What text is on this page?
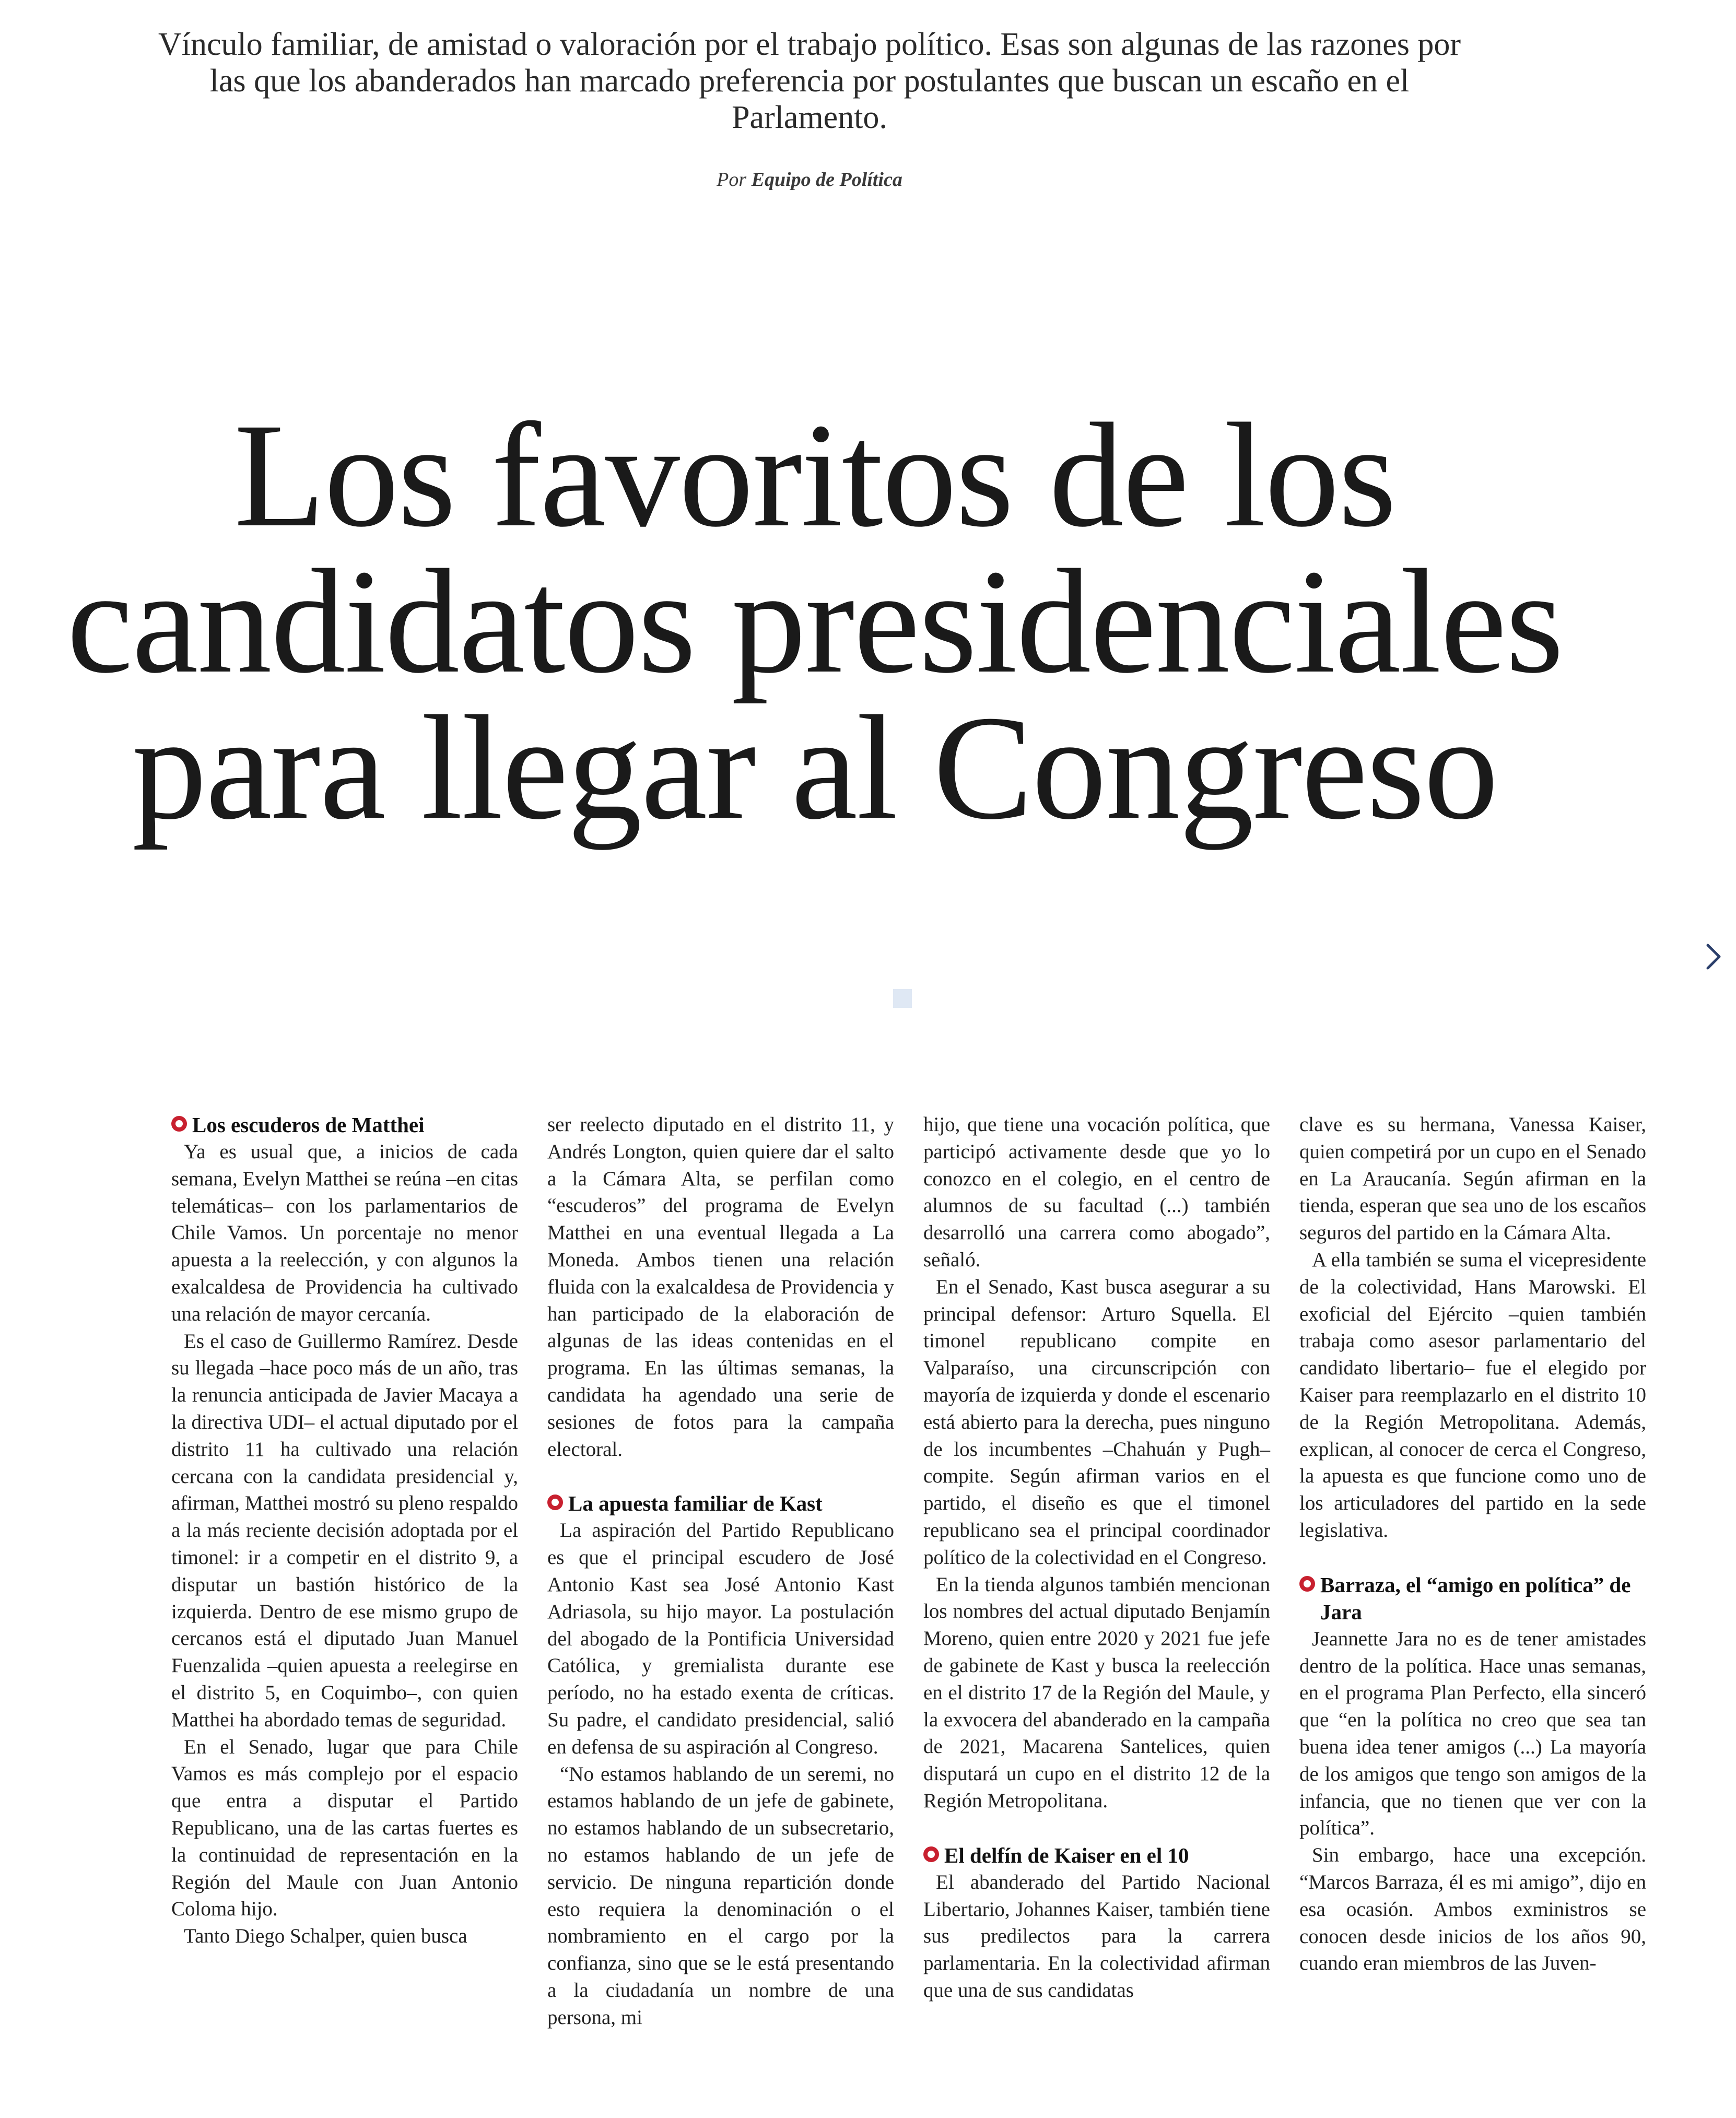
Vínculo familiar, de amistad o valoración por el trabajo político. Esas son algunas de las razones por las que los abanderados han marcado preferencia por postulantes que buscan un escaño en el Parlamento.
Por Equipo de Política
Los favoritos de los
candidatos presidenciales
para llegar al Congreso
Los escuderos de Matthei

Ya es usual que, a inicios de cada semana, Evelyn Matthei se reúna –en citas telemáticas– con los parlamentarios de Chile Vamos. Un porcentaje no menor apuesta a la reelección, y con algunos la exalcaldesa de Providencia ha cultivado una relación de mayor cercanía.

Es el caso de Guillermo Ramírez. Desde su llegada –hace poco más de un año, tras la renuncia anticipada de Javier Macaya a la directiva UDI– el actual diputado por el distrito 11 ha cultivado una relación cercana con la candidata presidencial y, afirman, Matthei mostró su pleno respaldo a la más reciente decisión adoptada por el timonel: ir a competir en el distrito 9, a disputar un bastión histórico de la izquierda. Dentro de ese mismo grupo de cercanos está el diputado Juan Manuel Fuenzalida –quien apuesta a reelegirse en el distrito 5, en Coquimbo–, con quien Matthei ha abordado temas de seguridad.

En el Senado, lugar que para Chile Vamos es más complejo por el espacio que entra a disputar el Partido Republicano, una de las cartas fuertes es la continuidad de representación en la Región del Maule con Juan Antonio Coloma hijo.

Tanto Diego Schalper, quien busca

ser reelecto diputado en el distrito 11, y Andrés Longton, quien quiere dar el salto a la Cámara Alta, se perfilan como “escuderos” del programa de Evelyn Matthei en una eventual llegada a La Moneda. Ambos tienen una relación fluida con la exalcaldesa de Providencia y han participado de la elaboración de algunas de las ideas contenidas en el programa. En las últimas semanas, la candidata ha agendado una serie de sesiones de fotos para la campaña electoral.

La apuesta familiar de Kast

La aspiración del Partido Republicano es que el principal escudero de José Antonio Kast sea José Antonio Kast Adriasola, su hijo mayor. La postulación del abogado de la Pontificia Universidad Católica, y gremialista durante ese período, no ha estado exenta de críticas. Su padre, el candidato presidencial, salió en defensa de su aspiración al Congreso.

“No estamos hablando de un seremi, no estamos hablando de un jefe de gabinete, no estamos hablando de un subsecretario, no estamos hablando de un jefe de servicio. De ninguna repartición donde esto requiera la denominación o el nombramiento en el cargo por la confianza, sino que se le está presentando a la ciudadanía un nombre de una persona, mi

hijo, que tiene una vocación política, que participó activamente desde que yo lo conozco en el colegio, en el centro de alumnos de su facultad (...) también desarrolló una carrera como abogado”, señaló.

En el Senado, Kast busca asegurar a su principal defensor: Arturo Squella. El timonel republicano compite en Valparaíso, una circunscripción con mayoría de izquierda y donde el escenario está abierto para la derecha, pues ninguno de los incumbentes –Chahuán y Pugh– compite. Según afirman varios en el partido, el diseño es que el timonel republicano sea el principal coordinador político de la colectividad en el Congreso.

En la tienda algunos también mencionan los nombres del actual diputado Benjamín Moreno, quien entre 2020 y 2021 fue jefe de gabinete de Kast y busca la reelección en el distrito 17 de la Región del Maule, y la exvocera del abanderado en la campaña de 2021, Macarena Santelices, quien disputará un cupo en el distrito 12 de la Región Metropolitana.

El delfín de Kaiser en el 10

El abanderado del Partido Nacional Libertario, Johannes Kaiser, también tiene sus predilectos para la carrera parlamentaria. En la colectividad afirman que una de sus candidatas

clave es su hermana, Vanessa Kaiser, quien competirá por un cupo en el Senado en La Araucanía. Según afirman en la tienda, esperan que sea uno de los escaños seguros del partido en la Cámara Alta.

A ella también se suma el vicepresidente de la colectividad, Hans Marowski. El exoficial del Ejército –quien también trabaja como asesor parlamentario del candidato libertario– fue el elegido por Kaiser para reemplazarlo en el distrito 10 de la Región Metropolitana. Además, explican, al conocer de cerca el Congreso, la apuesta es que funcione como uno de los articuladores del partido en la sede legislativa.

Barraza, el “amigo en política” de Jara

Jeannette Jara no es de tener amistades dentro de la política. Hace unas semanas, en el programa Plan Perfecto, ella sinceró que “en la política no creo que sea tan buena idea tener amigos (...) La mayoría de los amigos que tengo son amigos de la infancia, que no tienen que ver con la política”.

Sin embargo, hace una excepción. “Marcos Barraza, él es mi amigo”, dijo en esa ocasión. Ambos exministros se conocen desde inicios de los años 90, cuando eran miembros de las Juven-
